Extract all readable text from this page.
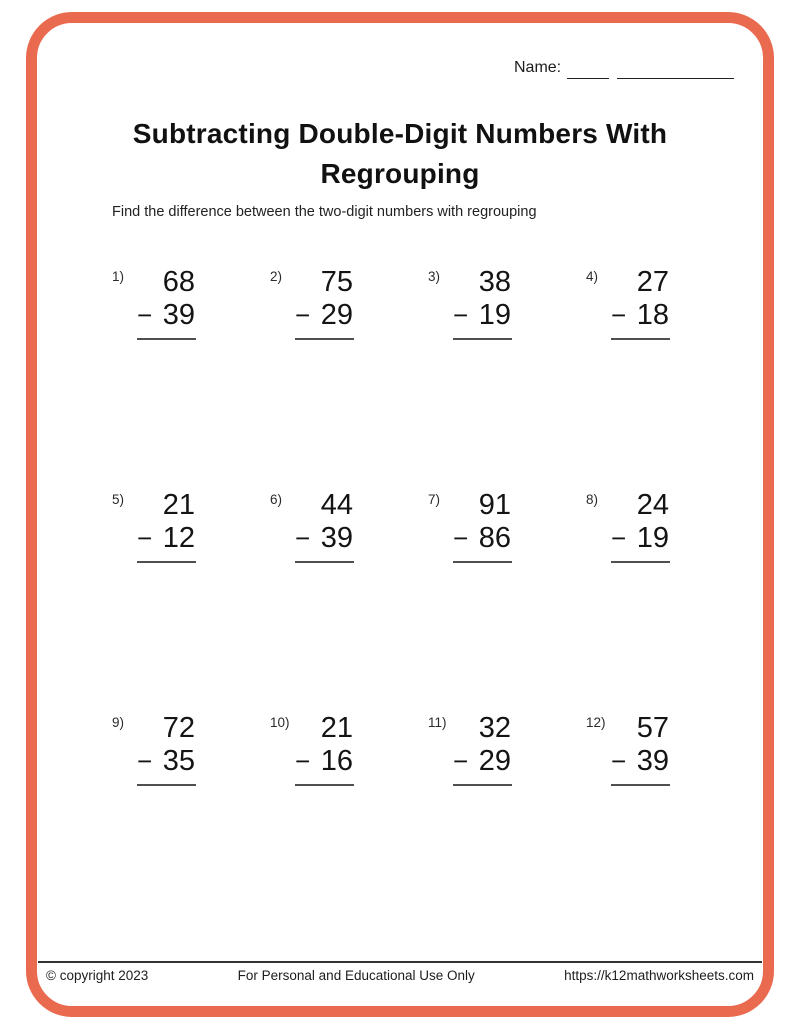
Name:
Subtracting Double-Digit Numbers With Regrouping
Find the difference between the two-digit numbers with regrouping
1)	68
− 39
2)	75
− 29
3)	38
− 19
4)	27
− 18
5)	21
− 12
6)	44
− 39
7)	91
− 86
8)	24
− 19
9)	72
− 35
10)	21
− 16
11)	32
− 29
12)	57
− 39
© copyright 2023	For Personal and Educational Use Only	https://k12mathworksheets.com
